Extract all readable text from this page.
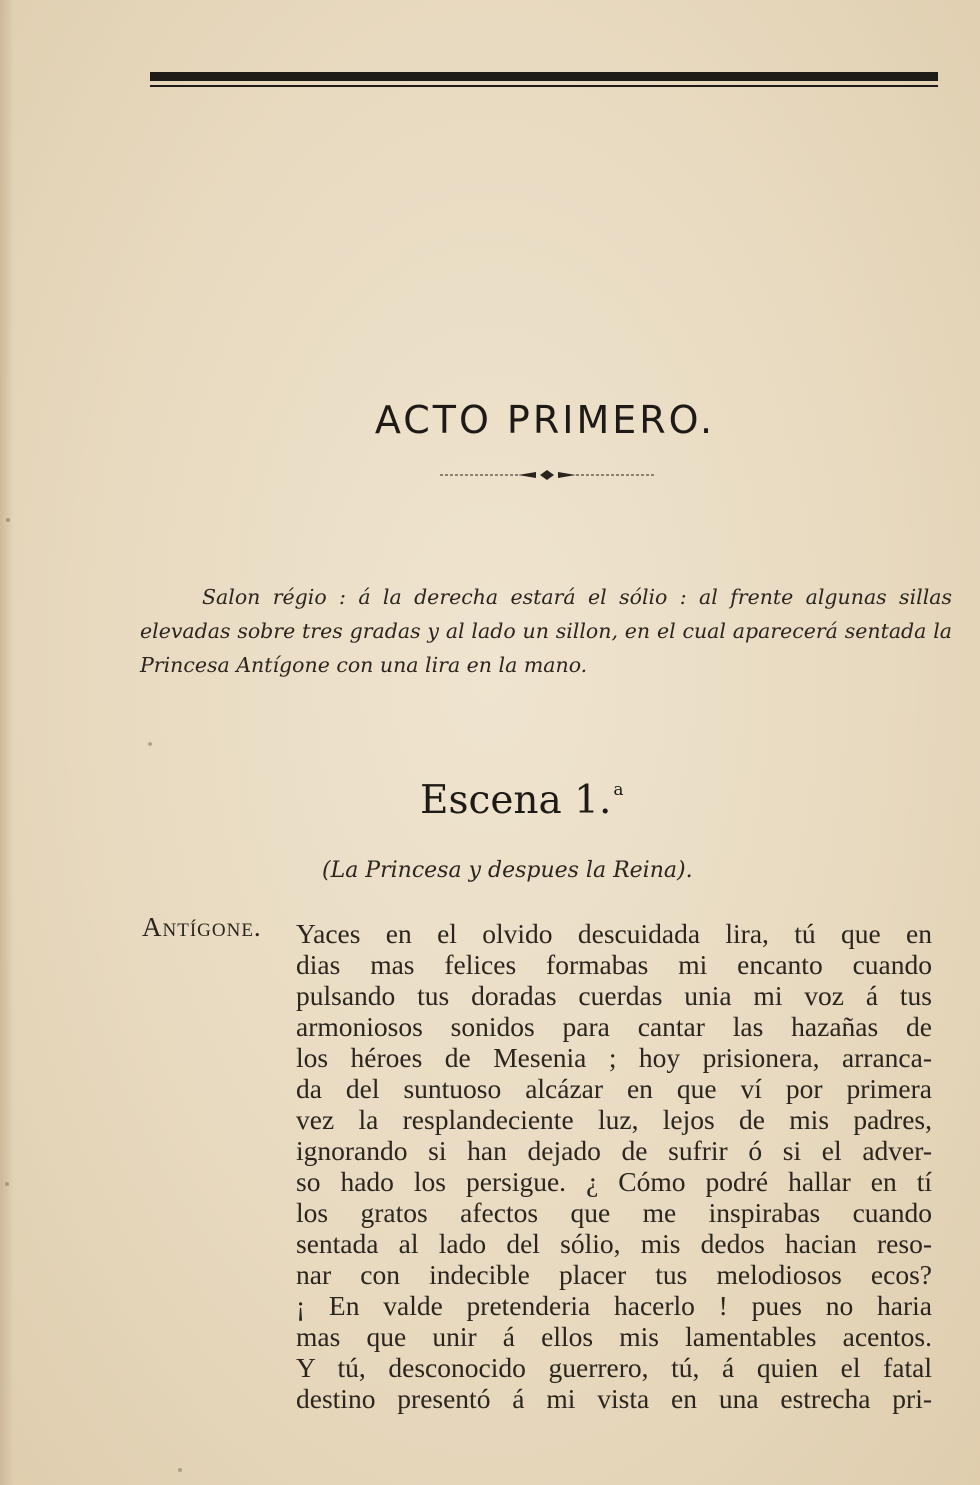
ACTO PRIMERO.

Salon régio : á la derecha estará el sólio : al frente algunas sillas elevadas sobre tres gradas y al lado un sillon, en el cual aparecerá sentada la Princesa Antígone con una lira en la mano.

Escena 1. $^a$

(La Princesa y despues la Reina).

Antígone. Yaces en el olvido descuidada lira, tú que en
dias mas felices formabas mi encanto cuando
pulsando tus doradas cuerdas unia mi voz á tus
armoniosos sonidos para cantar las hazañas de
los héroes de Mesenia ; hoy prisionera, arranca-
da del suntuoso alcázar en que ví por primera
vez la resplandeciente luz, lejos de mis padres,
ignorando si han dejado de sufrir ó si el adver-
so hado los persigue. ¿ Cómo podré hallar en tí
los gratos afectos que me inspirabas cuando
sentada al lado del sólio, mis dedos hacian reso-
nar con indecible placer tus melodiosos ecos?
¡ En valde pretenderia hacerlo ! pues no haria
mas que unir á ellos mis lamentables acentos.
Y tú, desconocido guerrero, tú, á quien el fatal
destino presentó á mi vista en una estrecha pri-
